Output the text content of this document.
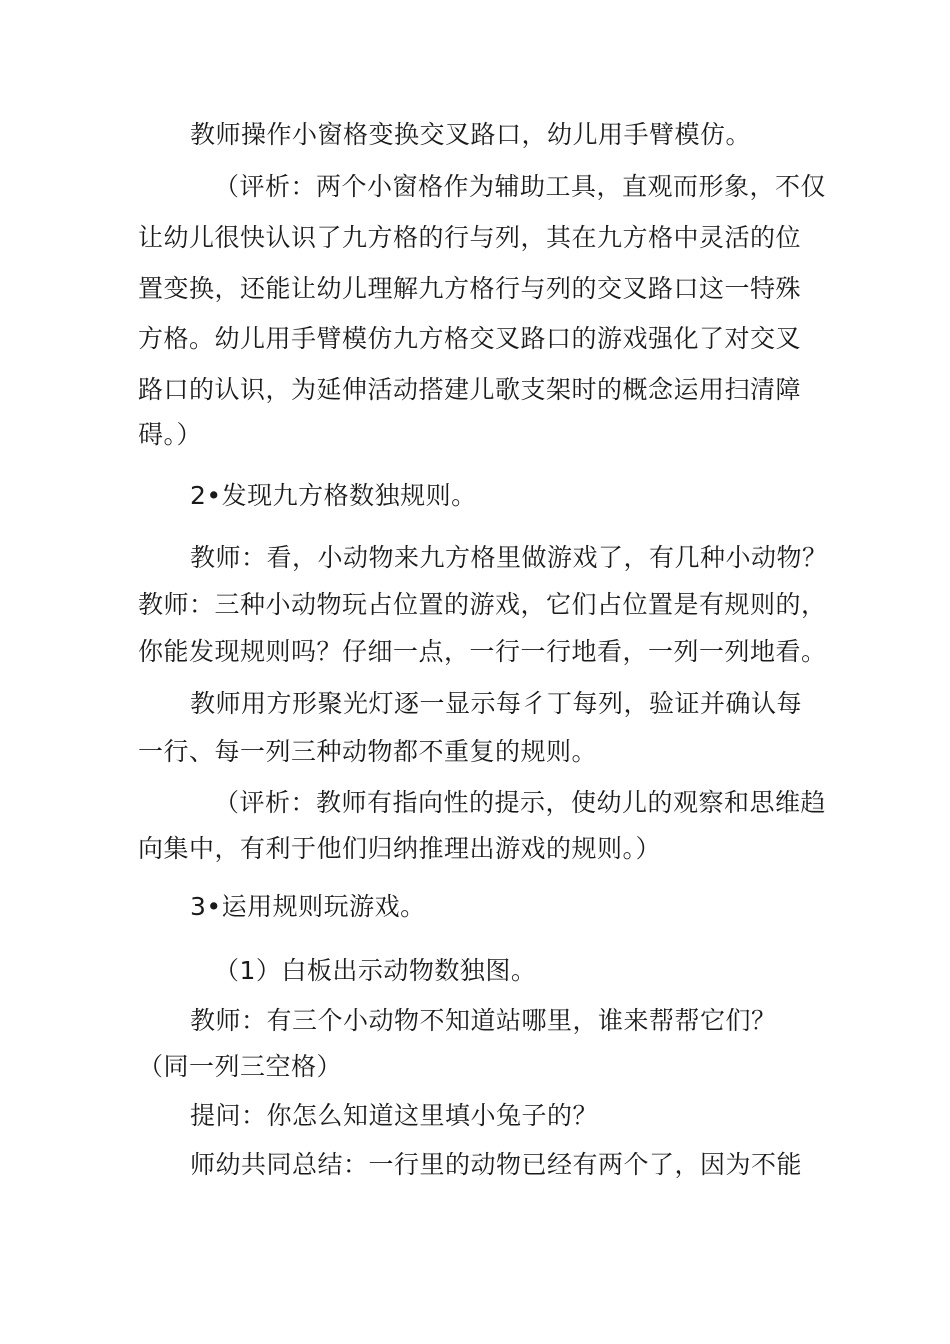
教师操作小窗格变换交叉路口，幼儿用手臂模仿。
（评析：两个小窗格作为辅助工具，直观而形象，不仅
让幼儿很快认识了九方格的行与列，其在九方格中灵活的位
置变换，还能让幼儿理解九方格行与列的交叉路口这一特殊
方格。幼儿用手臂模仿九方格交叉路口的游戏强化了对交叉
路口的认识，为延伸活动搭建儿歌支架时的概念运用扫清障
碍。）
2•发现九方格数独规则。
教师：看，小动物来九方格里做游戏了，有几种小动物？
教师：三种小动物玩占位置的游戏，它们占位置是有规则的，
你能发现规则吗？仔细一点，一行一行地看，一列一列地看。
教师用方形聚光灯逐一显示每彳丁每列，验证并确认每
一行、每一列三种动物都不重复的规则。
（评析：教师有指向性的提示，使幼儿的观察和思维趋
向集中，有利于他们归纳推理出游戏的规则。）
3•运用规则玩游戏。
（1）白板出示动物数独图。
教师：有三个小动物不知道站哪里，谁来帮帮它们？
（同一列三空格）
提问：你怎么知道这里填小兔子的？
师幼共同总结：一行里的动物已经有两个了，因为不能
